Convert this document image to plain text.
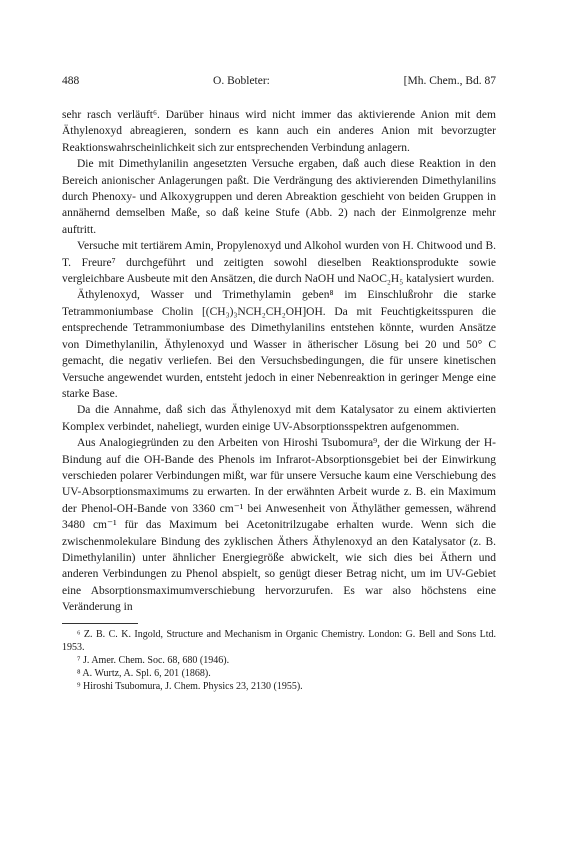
488	O. Bobleter:	[Mh. Chem., Bd. 87

sehr rasch verläuft⁶. Darüber hinaus wird nicht immer das aktivierende Anion mit dem Äthylenoxyd abreagieren, sondern es kann auch ein anderes Anion mit bevorzugter Reaktionswahrscheinlichkeit sich zur entsprechenden Verbindung anlagern.

Die mit Dimethylanilin angesetzten Versuche ergaben, daß auch diese Reaktion in den Bereich anionischer Anlagerungen paßt. Die Verdrängung des aktivierenden Dimethylanilins durch Phenoxy- und Alkoxygruppen und deren Abreaktion geschieht von beiden Gruppen in annähernd demselben Maße, so daß keine Stufe (Abb. 2) nach der Einmolgrenze mehr auftritt.

Versuche mit tertiärem Amin, Propylenoxyd und Alkohol wurden von H. Chitwood und B. T. Freure⁷ durchgeführt und zeitigten sowohl dieselben Reaktionsprodukte sowie vergleichbare Ausbeute mit den Ansätzen, die durch NaOH und NaOC₂H₅ katalysiert wurden.

Äthylenoxyd, Wasser und Trimethylamin geben⁸ im Einschlußrohr die starke Tetrammoniumbase Cholin [(CH₃)₃NCH₂CH₂OH]OH. Da mit Feuchtigkeitsspuren die entsprechende Tetrammoniumbase des Dimethylanilins entstehen könnte, wurden Ansätze von Dimethylanilin, Äthylenoxyd und Wasser in ätherischer Lösung bei 20 und 50° C gemacht, die negativ verliefen. Bei den Versuchsbedingungen, die für unsere kinetischen Versuche angewendet wurden, entsteht jedoch in einer Nebenreaktion in geringer Menge eine starke Base.

Da die Annahme, daß sich das Äthylenoxyd mit dem Katalysator zu einem aktivierten Komplex verbindet, naheliegt, wurden einige UV-Absorptionsspektren aufgenommen.

Aus Analogiegründen zu den Arbeiten von Hiroshi Tsubomura⁹, der die Wirkung der H-Bindung auf die OH-Bande des Phenols im Infrarot-Absorptionsgebiet bei der Einwirkung verschieden polarer Verbindungen mißt, war für unsere Versuche kaum eine Verschiebung des UV-Absorptionsmaximums zu erwarten. In der erwähnten Arbeit wurde z. B. ein Maximum der Phenol-OH-Bande von 3360 cm⁻¹ bei Anwesenheit von Äthyläther gemessen, während 3480 cm⁻¹ für das Maximum bei Acetonitrilzugabe erhalten wurde. Wenn sich die zwischenmolekulare Bindung des zyklischen Äthers Äthylenoxyd an den Katalysator (z. B. Dimethylanilin) unter ähnlicher Energiegröße abwickelt, wie sich dies bei Äthern und anderen Verbindungen zu Phenol abspielt, so genügt dieser Betrag nicht, um im UV-Gebiet eine Absorptionsmaximumverschiebung hervorzurufen. Es war also höchstens eine Veränderung in

⁶ Z. B. C. K. Ingold, Structure and Mechanism in Organic Chemistry. London: G. Bell and Sons Ltd. 1953.

⁷ J. Amer. Chem. Soc. 68, 680 (1946).

⁸ A. Wurtz, A. Spl. 6, 201 (1868).

⁹ Hiroshi Tsubomura, J. Chem. Physics 23, 2130 (1955).
